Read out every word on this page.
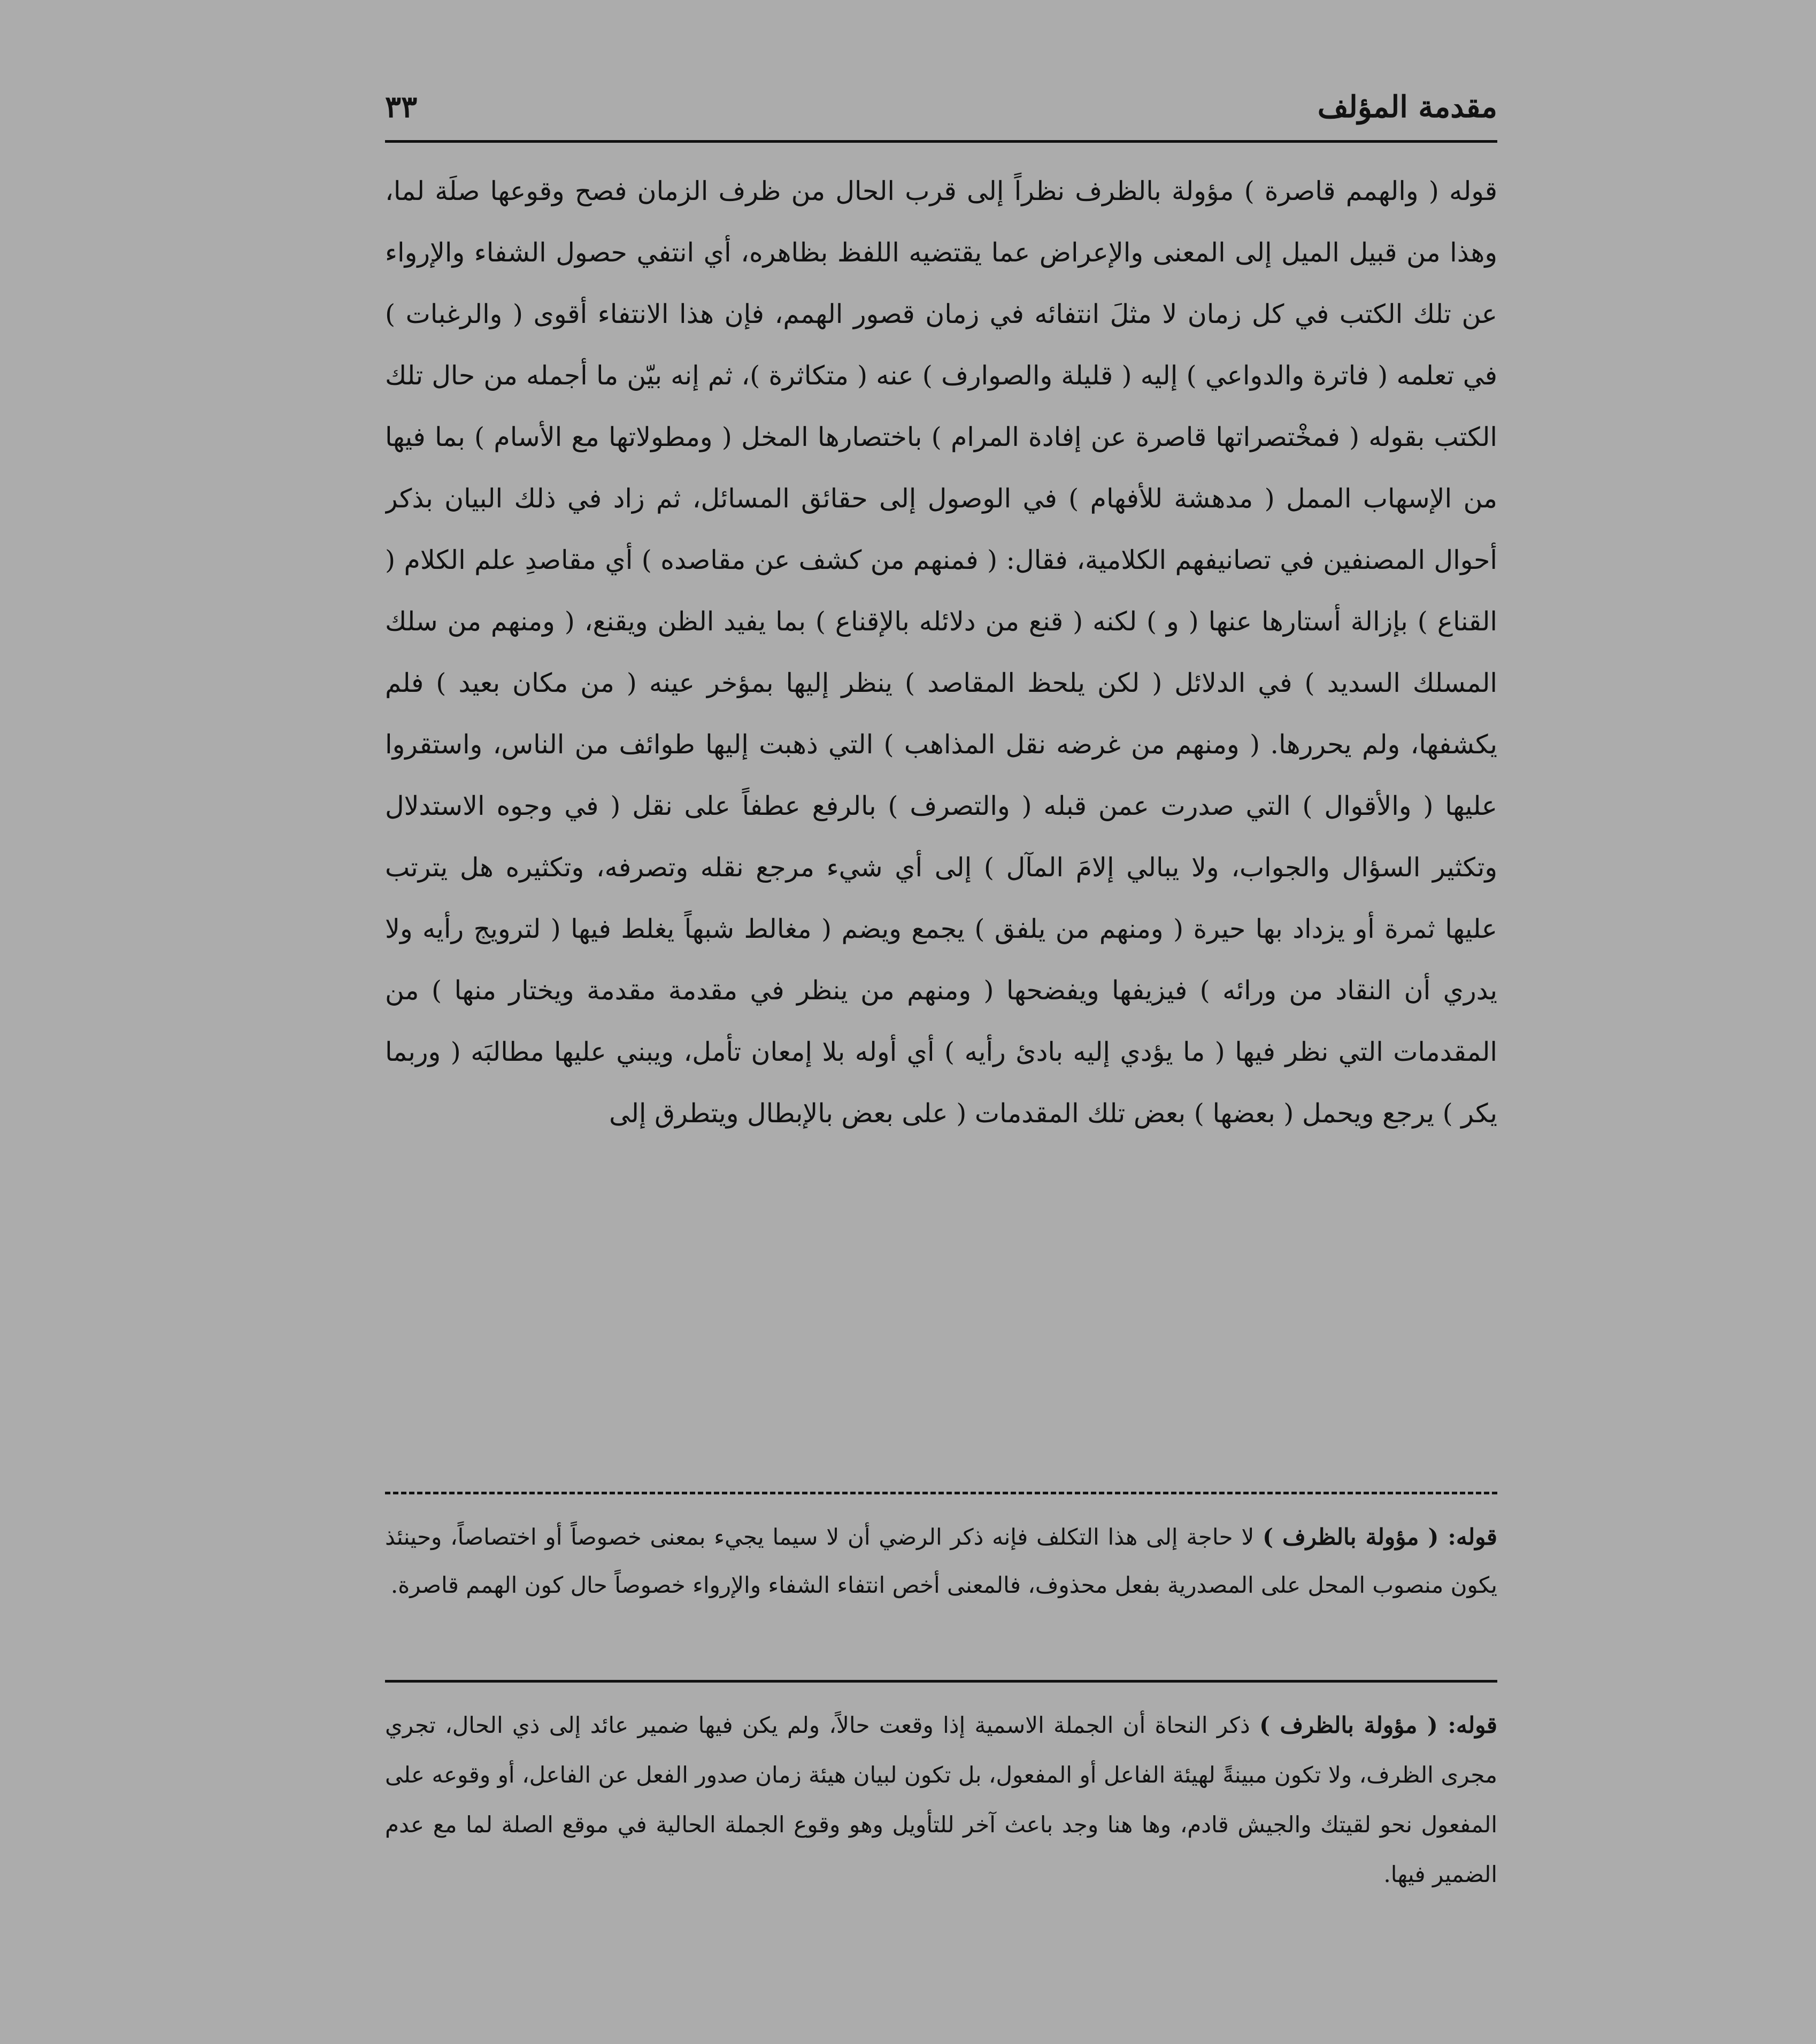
مقدمة المؤلف
٣٣
قوله ( والهمم قاصرة ) مؤولة بالظرف نظراً إلى قرب الحال من ظرف الزمان فصح وقوعها صلَة لما، وهذا من قبيل الميل إلى المعنى والإعراض عما يقتضيه اللفظ بظاهره، أي انتفي حصول الشفاء والإرواء عن تلك الكتب في كل زمان لا مثلَ انتفائه في زمان قصور الهمم، فإن هذا الانتفاء أقوى ( والرغبات ) في تعلمه ( فاترة والدواعي ) إليه ( قليلة والصوارف ) عنه ( متكاثرة )، ثم إنه بيّن ما أجمله من حال تلك الكتب بقوله ( فمخْتصراتها قاصرة عن إفادة المرام ) باختصارها المخل ( ومطولاتها مع الأسام ) بما فيها من الإسهاب الممل ( مدهشة للأفهام ) في الوصول إلى حقائق المسائل، ثم زاد في ذلك البيان بذكر أحوال المصنفين في تصانيفهم الكلامية، فقال: ( فمنهم من كشف عن مقاصده ) أي مقاصدِ علم الكلام ( القناع ) بإزالة أستارها عنها ( و ) لكنه ( قنع من دلائله بالإقناع ) بما يفيد الظن ويقنع، ( ومنهم من سلك المسلك السديد ) في الدلائل ( لكن يلحظ المقاصد ) ينظر إليها بمؤخر عينه ( من مكان بعيد ) فلم يكشفها، ولم يحررها. ( ومنهم من غرضه نقل المذاهب ) التي ذهبت إليها طوائف من الناس، واستقروا عليها ( والأقوال ) التي صدرت عمن قبله ( والتصرف ) بالرفع عطفاً على نقل ( في وجوه الاستدلال وتكثير السؤال والجواب، ولا يبالي إلامَ المآل ) إلى أي شيء مرجع نقله وتصرفه، وتكثيره هل يترتب عليها ثمرة أو يزداد بها حيرة ( ومنهم من يلفق ) يجمع ويضم ( مغالط شبهاً يغلط فيها ( لترويج رأيه ولا يدري أن النقاد من ورائه ) فيزيفها ويفضحها ( ومنهم من ينظر في مقدمة مقدمة ويختار منها ) من المقدمات التي نظر فيها ( ما يؤدي إليه بادئ رأيه ) أي أوله بلا إمعان تأمل، ويبني عليها مطالبَه ( وربما يكر ) يرجع ويحمل ( بعضها ) بعض تلك المقدمات ( على بعض بالإبطال ويتطرق إلى
قوله: ( مؤولة بالظرف ) لا حاجة إلى هذا التكلف فإنه ذكر الرضي أن لا سيما يجيء بمعنى خصوصاً أو اختصاصاً، وحينئذ يكون منصوب المحل على المصدرية بفعل محذوف، فالمعنى أخص انتفاء الشفاء والإرواء خصوصاً حال كون الهمم قاصرة.
قوله: ( مؤولة بالظرف ) ذكر النحاة أن الجملة الاسمية إذا وقعت حالاً، ولم يكن فيها ضمير عائد إلى ذي الحال، تجري مجرى الظرف، ولا تكون مبينةً لهيئة الفاعل أو المفعول، بل تكون لبيان هيئة زمان صدور الفعل عن الفاعل، أو وقوعه على المفعول نحو لقيتك والجيش قادم، وها هنا وجد باعث آخر للتأويل وهو وقوع الجملة الحالية في موقع الصلة لما مع عدم الضمير فيها.
